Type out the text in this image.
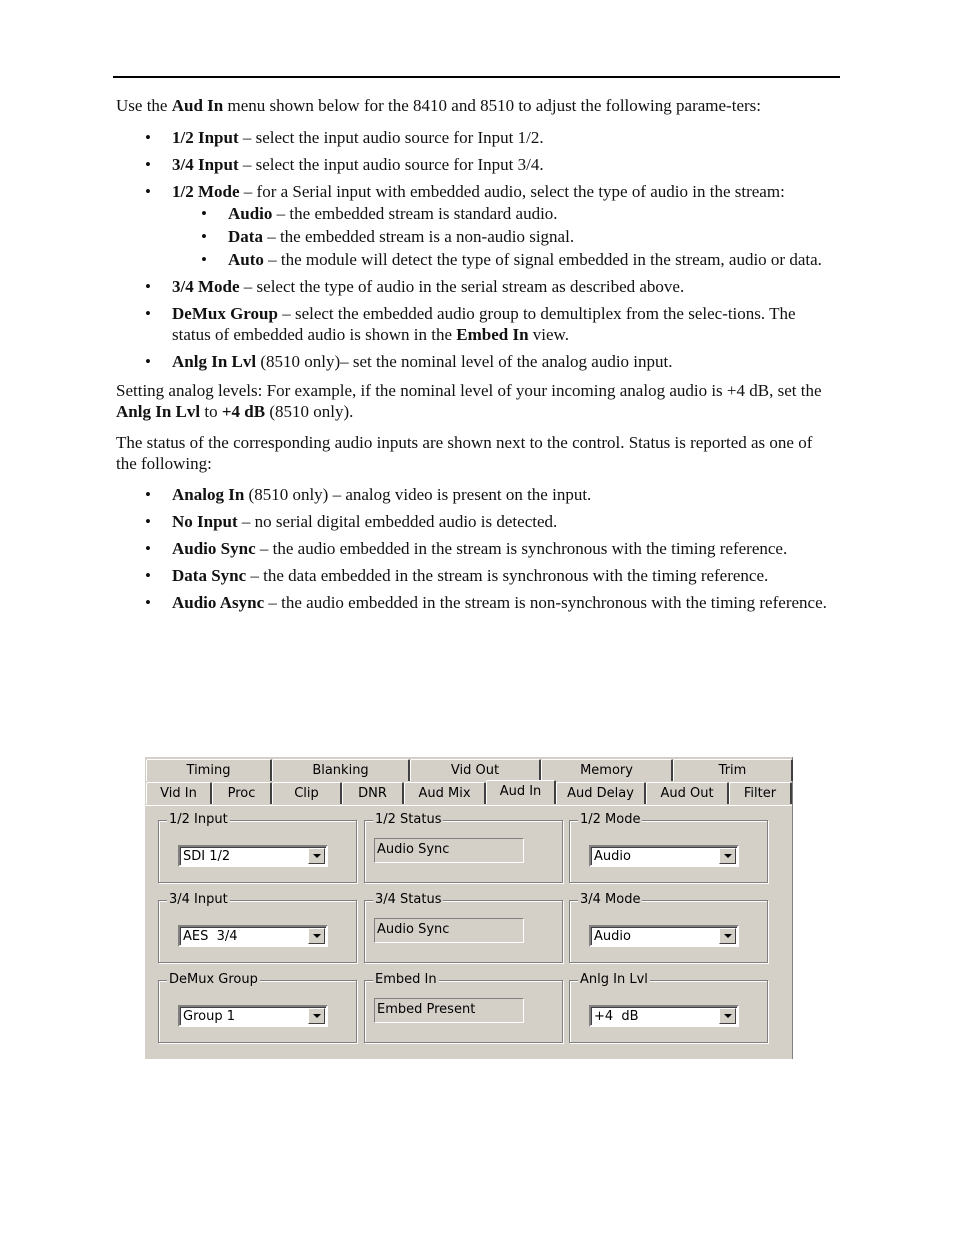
Use the Aud In menu shown below for the 8410 and 8510 to adjust the following parame-ters:

• 1/2 Input – select the input audio source for Input 1/2.
• 3/4 Input – select the input audio source for Input 3/4.
• 1/2 Mode – for a Serial input with embedded audio, select the type of audio in the stream:
• Audio – the embedded stream is standard audio.
• Data – the embedded stream is a non-audio signal.
• Auto – the module will detect the type of signal embedded in the stream, audio or data.
• 3/4 Mode – select the type of audio in the serial stream as described above.
• DeMux Group – select the embedded audio group to demultiplex from the selec-tions. The status of embedded audio is shown in the Embed In view.
• Anlg In Lvl (8510 only)– set the nominal level of the analog audio input.

Setting analog levels: For example, if the nominal level of your incoming analog audio is +4 dB, set the Anlg In Lvl to +4 dB (8510 only).

The status of the corresponding audio inputs are shown next to the control. Status is reported as one of the following:

• Analog In (8510 only) – analog video is present on the input.
• No Input – no serial digital embedded audio is detected.
• Audio Sync – the audio embedded in the stream is synchronous with the timing reference.
• Data Sync – the data embedded in the stream is synchronous with the timing reference.
• Audio Async – the audio embedded in the stream is non-synchronous with the timing reference.
Timing	Blanking	Vid Out	Memory	Trim
Vid In	Proc	Clip	DNR	Aud Mix	Aud In	Aud Delay	Aud Out	Filter
1/2 Input
SDI 1/2
1/2 Status
Audio Sync
1/2 Mode
Audio
3/4 Input
AES  3/4
3/4 Status
Audio Sync
3/4 Mode
Audio
DeMux Group
Group 1
Embed In
Embed Present
Anlg In Lvl
+4  dB
